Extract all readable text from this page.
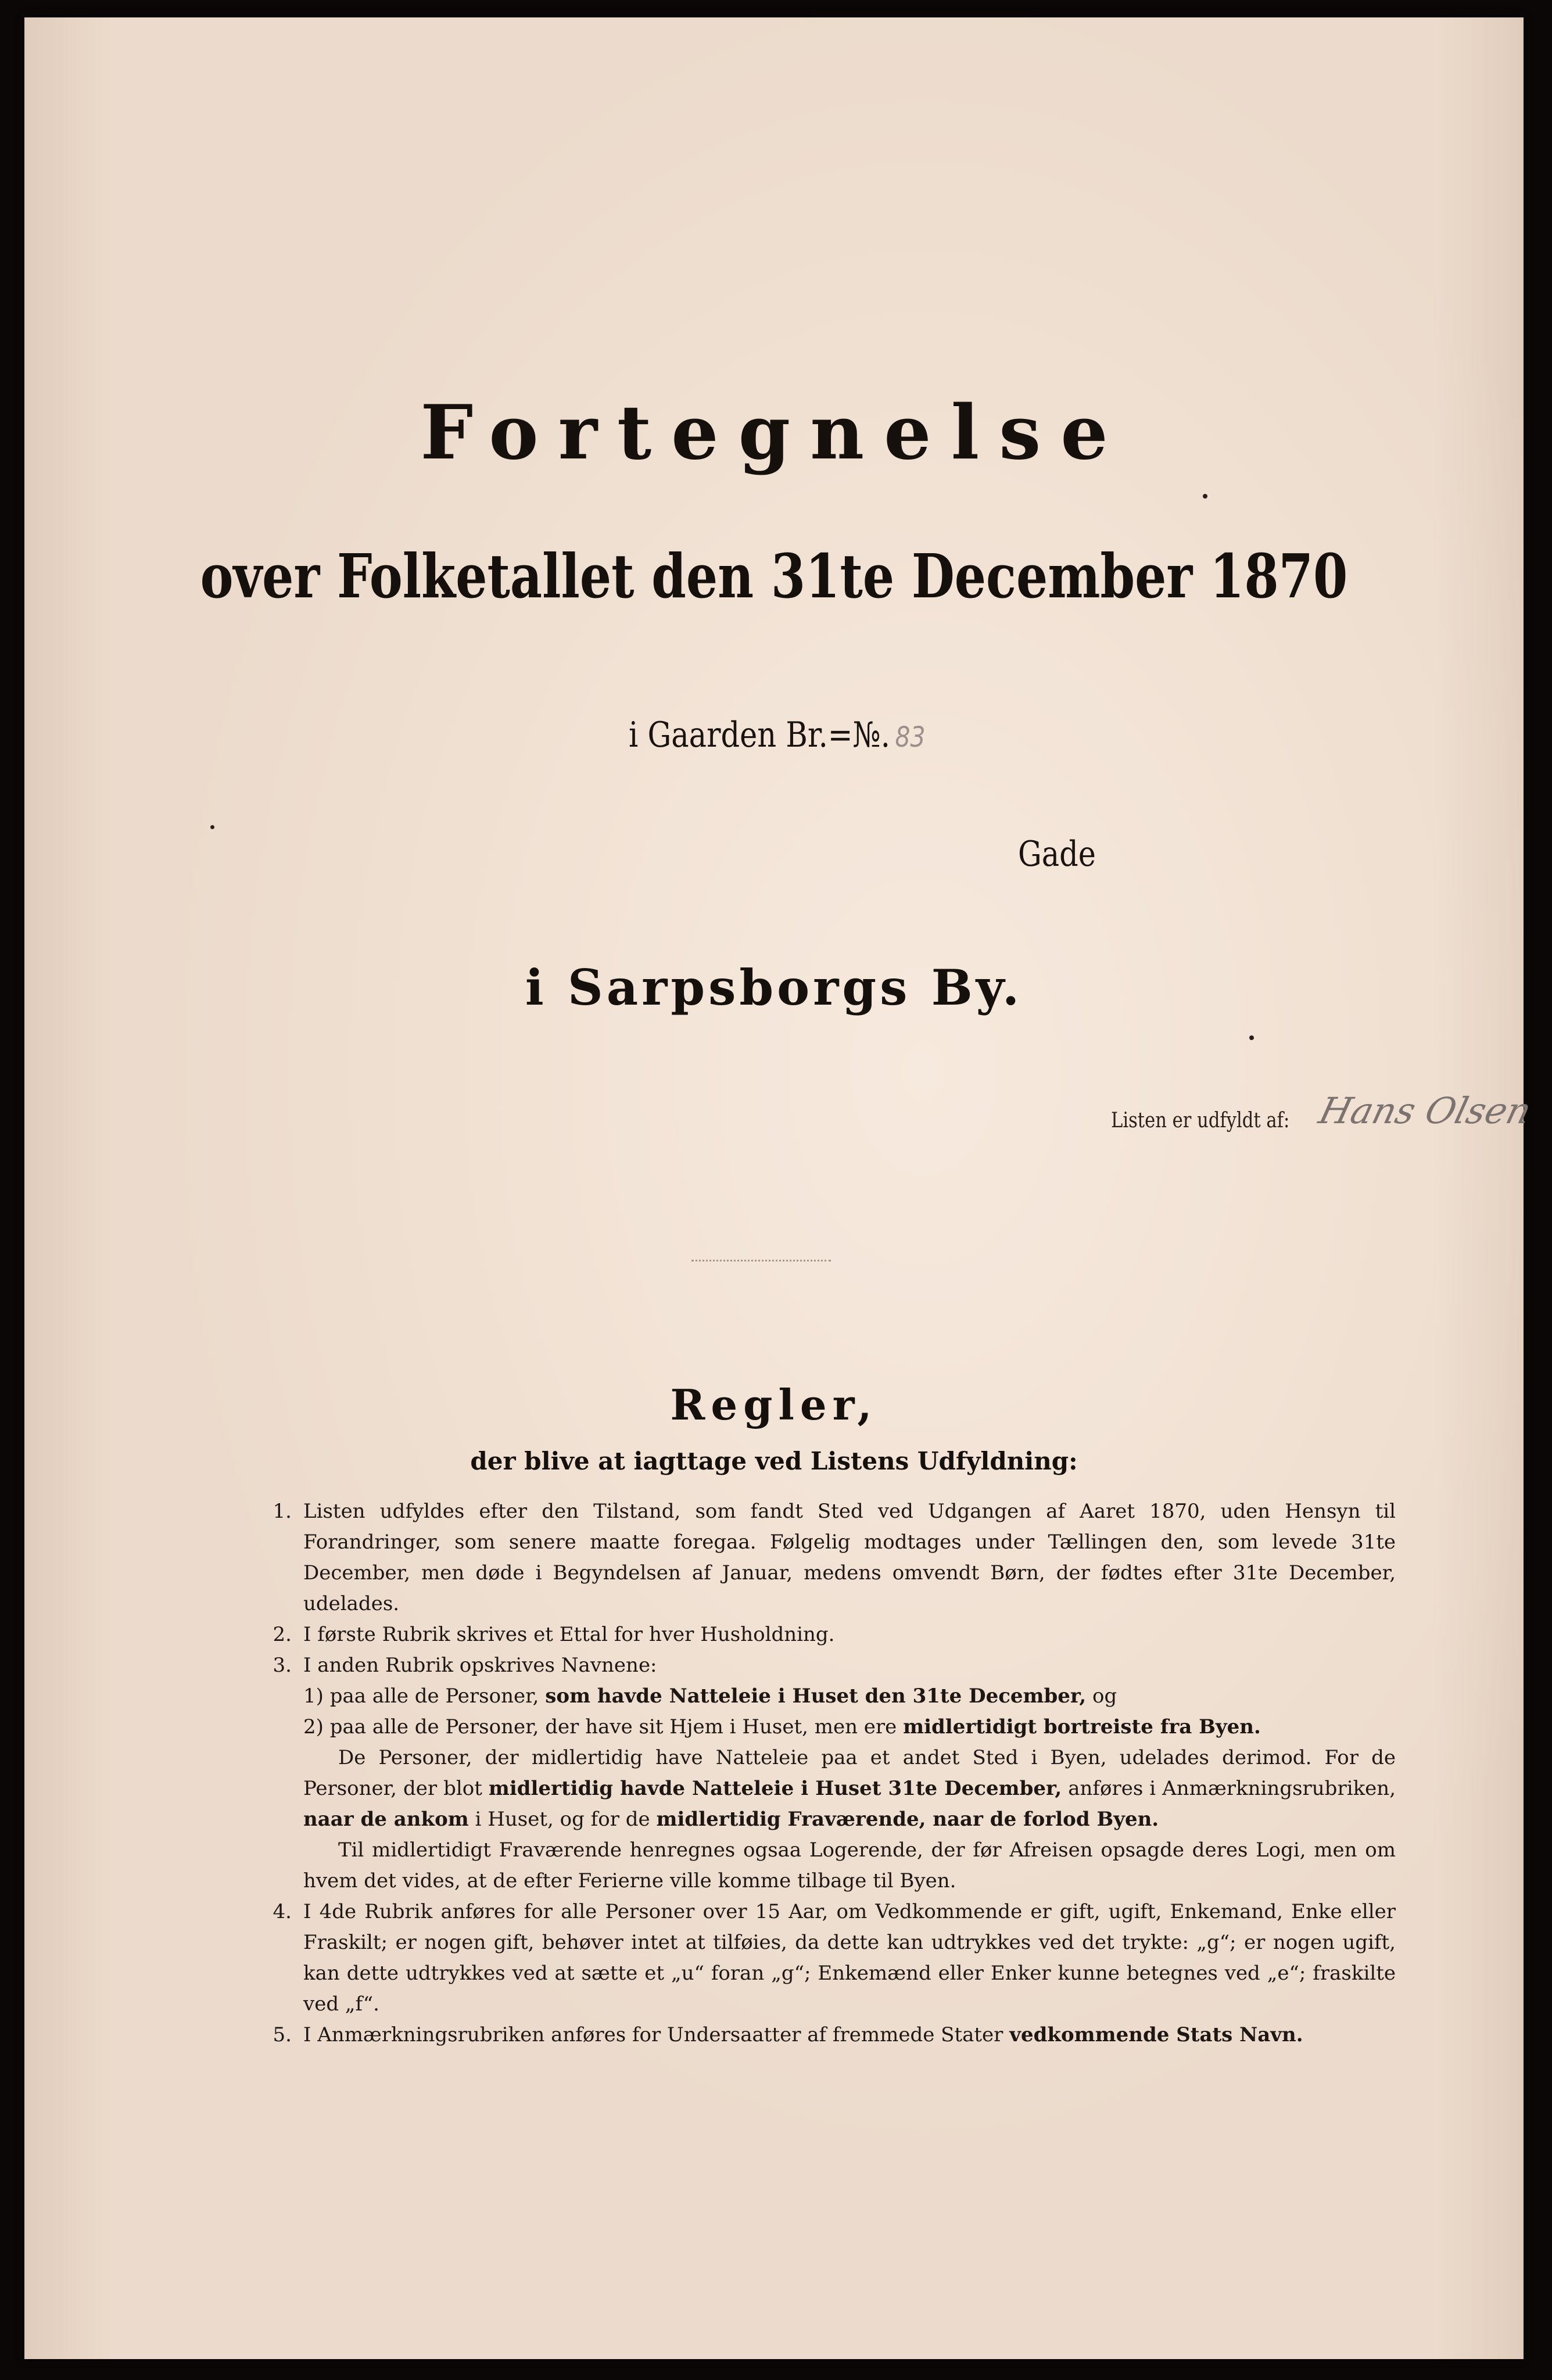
Fortegnelse
over Folketallet den 31te December 1870
i Gaarden Br.=№. 83
Gade
i Sarpsborgs By.
Listen er udfyldt af: Hans Olsen
Regler,
der blive at iagttage ved Listens Udfyldning:
1. Listen udfyldes efter den Tilstand, som fandt Sted ved Udgangen af Aaret 1870, uden Hensyn til Forandringer, som senere maatte foregaa. Følgelig modtages under Tællingen den, som levede 31te December, men døde i Begyndelsen af Januar, medens omvendt Børn, der fødtes efter 31te December, udelades.
2. I første Rubrik skrives et Ettal for hver Husholdning.
3. I anden Rubrik opskrives Navnene:
1) paa alle de Personer, som havde Natteleie i Huset den 31te December, og
2) paa alle de Personer, der have sit Hjem i Huset, men ere midlertidigt bortreiste fra Byen.
De Personer, der midlertidig have Natteleie paa et andet Sted i Byen, udelades derimod. For de Personer, der blot midlertidig havde Natteleie i Huset 31te December, anføres i Anmærkningsrubriken, naar de ankom i Huset, og for de midlertidig Fraværende, naar de forlod Byen.
Til midlertidigt Fraværende henregnes ogsaa Logerende, der før Afreisen opsagde deres Logi, men om hvem det vides, at de efter Ferierne ville komme tilbage til Byen.
4. I 4de Rubrik anføres for alle Personer over 15 Aar, om Vedkommende er gift, ugift, Enkemand, Enke eller Fraskilt; er nogen gift, behøver intet at tilføies, da dette kan udtrykkes ved det trykte: „g“; er nogen ugift, kan dette udtrykkes ved at sætte et „u“ foran „g“; Enkemænd eller Enker kunne betegnes ved „e“; fraskilte ved „f“.
5. I Anmærkningsrubriken anføres for Undersaatter af fremmede Stater vedkommende Stats Navn.
